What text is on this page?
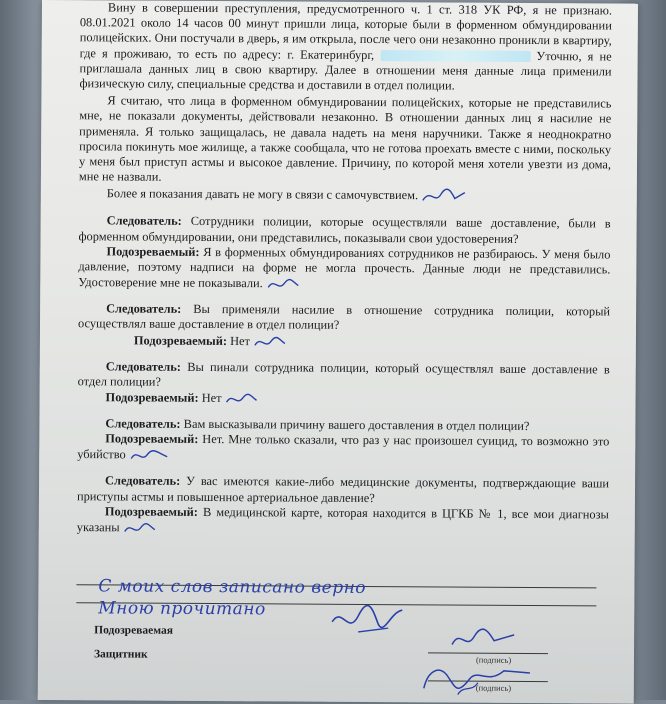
Вину в совершении преступления, предусмотренного ч. 1 ст. 318 УК РФ, я не признаю. 08.01.2021 около 14 часов 00 минут пришли лица, которые были в форменном обмундировании полицейских. Они постучали в дверь, я им открыла, после чего они незаконно проникли в квартиру, где я проживаю, то есть по адресу: г. Екатеринбург,	Уточню, я не приглашала данных лиц в свою квартиру. Далее в отношении меня данные лица применили физическую силу, специальные средства и доставили в отдел полиции.

Я считаю, что лица в форменном обмундировании полицейских, которые не представились мне, не показали документы, действовали незаконно. В отношении данных лиц я насилие не применяла. Я только защищалась, не давала надеть на меня наручники. Также я неоднократно просила покинуть мое жилище, а также сообщала, что не готова проехать вместе с ними, поскольку у меня был приступ астмы и высокое давление. Причину, по которой меня хотели увезти из дома, мне не назвали.

Более я показания давать не могу в связи с самочувствием.

Следователь: Сотрудники полиции, которые осуществляли ваше доставление, были в форменном обмундировании, они представились, показывали свои удостоверения?

Подозреваемый: Я в форменных обмундированиях сотрудников не разбираюсь. У меня было давление, поэтому надписи на форме не могла прочесть. Данные люди не представились. Удостоверение мне не показывали.

Следователь: Вы применяли насилие в отношение сотрудника полиции, который осуществлял ваше доставление в отдел полиции?

Подозреваемый: Нет

Следователь: Вы пинали сотрудника полиции, который осуществлял ваше доставление в отдел полиции?

Подозреваемый: Нет

Следователь: Вам высказывали причину вашего доставления в отдел полиции?

Подозреваемый: Нет. Мне только сказали, что раз у нас произошел суицид, то возможно это убийство

Следователь: У вас имеются какие-либо медицинские документы, подтверждающие ваши приступы астмы и повышенное артериальное давление?

Подозреваемый: В медицинской карте, которая находится в ЦГКБ № 1, все мои диагнозы указаны

С моих слов записано верно
Мною прочитано
Подозреваемая
(подпись)
Защитник
(подпись)
